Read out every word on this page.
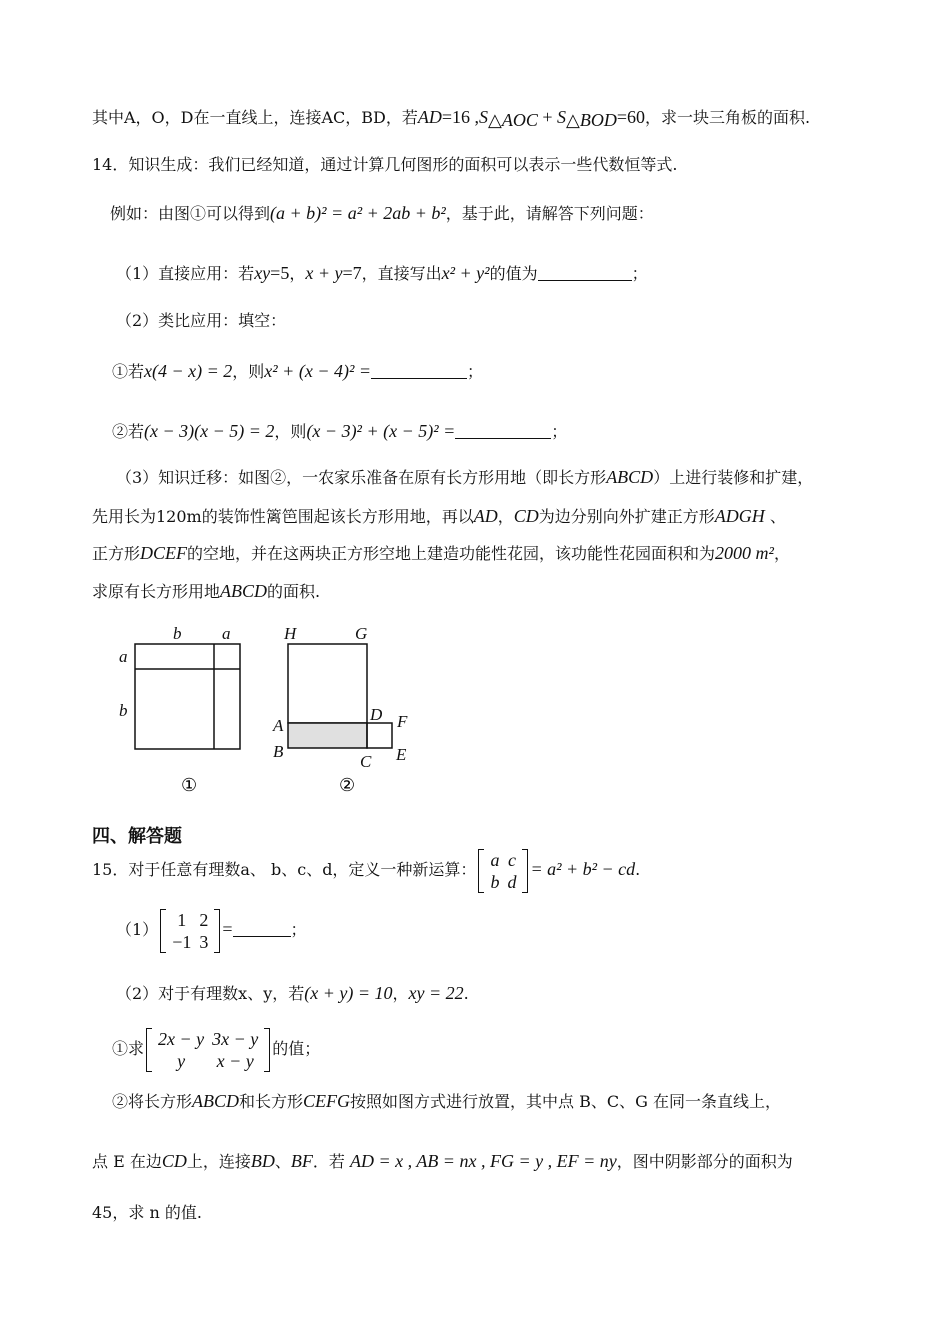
其中A，O，D在一直线上，连接AC，BD，若AD=16 $,S_{\triangle AOC} + S_{\triangle BOD}=60$，求一块三角板的面积.
14．知识生成：我们已经知道，通过计算几何图形的面积可以表示一些代数恒等式.
例如：由图①可以得到(a + b)² = a² + 2ab + b²，基于此，请解答下列问题：
（1）直接应用：若xy=5，x + y=7，直接写出x² + y²的值为	；
（2）类比应用：填空：
①若x(4 − x) = 2，则x² + (x − 4)² =	；
②若(x − 3)(x − 5) = 2，则(x − 3)² + (x − 5)² =	；
（3）知识迁移：如图②，一农家乐准备在原有长方形用地（即长方形ABCD）上进行装修和扩建，
先用长为120m的装饰性篱笆围起该长方形用地，再以AD，CD为边分别向外扩建正方形ADGH 、
正方形DCEF的空地，并在这两块正方形空地上建造功能性花园，该功能性花园面积和为2000 m²，
求原有长方形用地ABCD的面积.
b a
a
b
①
H	G
A
D F
B	E
C
②
四、解答题
15．对于任意有理数a、 b、c、d，定义一种新运算： a c
b d
= a² + b² − cd.
（1）	1 2
−1 3
=	；
（2）对于有理数x、y，若(x + y) = 10，xy = 22.
①求 2x − y 3x − y
y	x − y
的值；
②将长方形ABCD和长方形CEFG按照如图方式进行放置，其中点 B、C、G 在同一条直线上，
点 E 在边CD上，连接BD、BF．若 AD = x , AB = nx , FG = y , EF = ny，图中阴影部分的面积为
45，求 n 的值.
